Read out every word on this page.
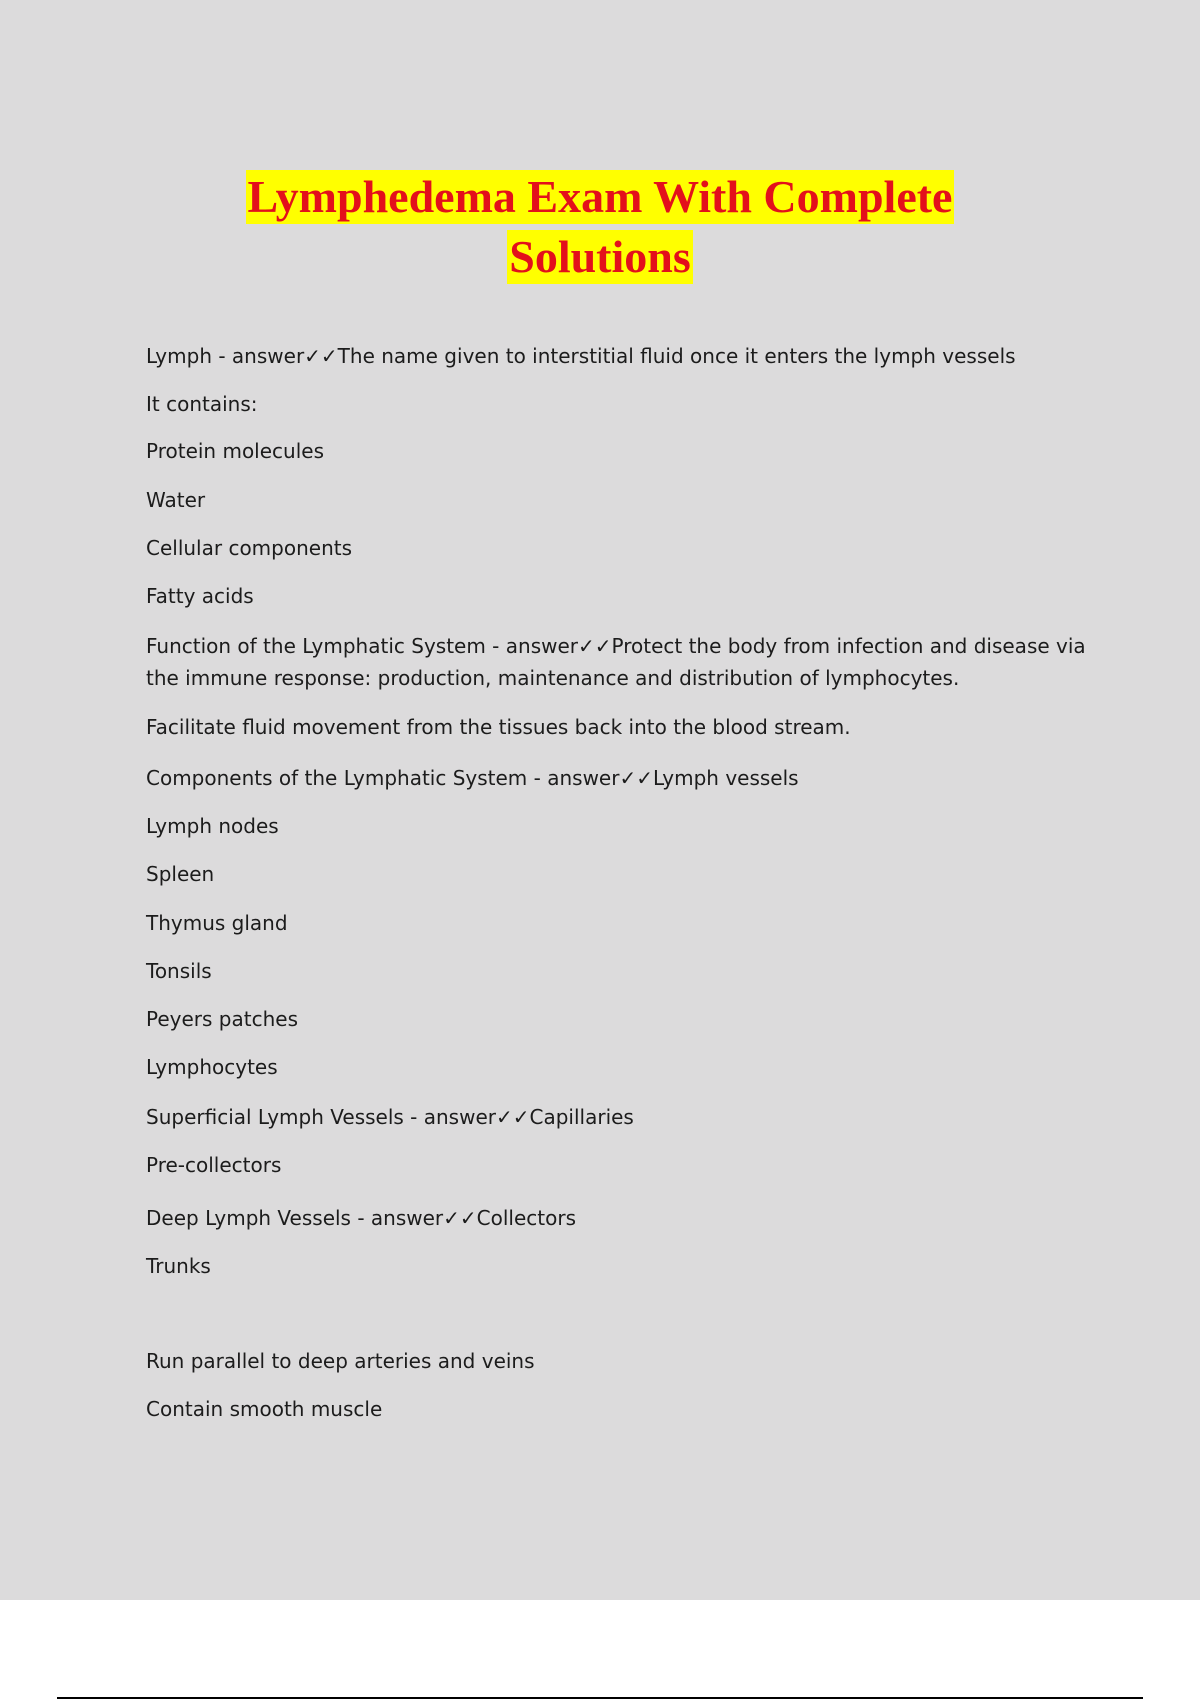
Lymphedema Exam With Complete
Solutions
Lymph - answer✓✓The name given to interstitial fluid once it enters the lymph vessels
It contains:
Protein molecules
Water
Cellular components
Fatty acids
Function of the Lymphatic System - answer✓✓Protect the body from infection and disease via the immune response: production, maintenance and distribution of lymphocytes.
Facilitate fluid movement from the tissues back into the blood stream.
Components of the Lymphatic System - answer✓✓Lymph vessels
Lymph nodes
Spleen
Thymus gland
Tonsils
Peyers patches
Lymphocytes
Superficial Lymph Vessels - answer✓✓Capillaries
Pre-collectors
Deep Lymph Vessels - answer✓✓Collectors
Trunks
Run parallel to deep arteries and veins
Contain smooth muscle
